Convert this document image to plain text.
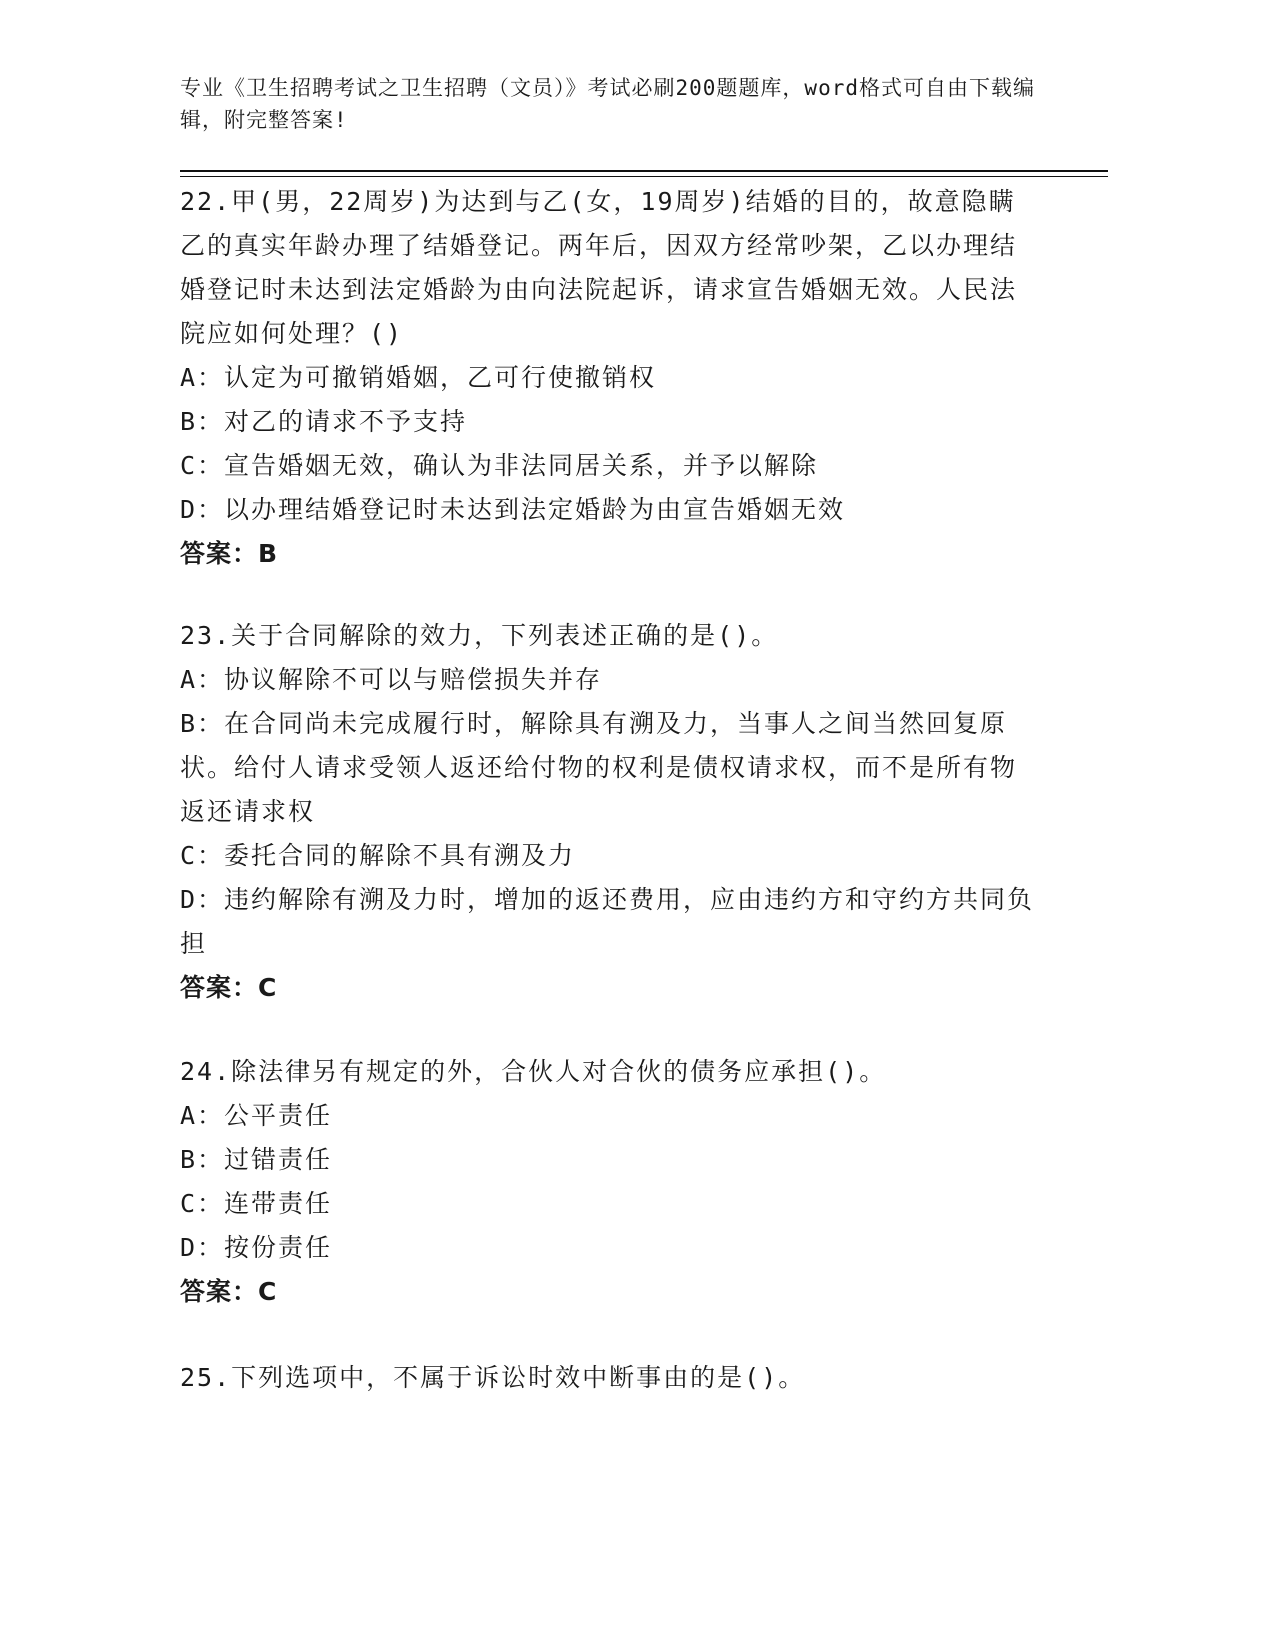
专业《卫生招聘考试之卫生招聘（文员）》考试必刷200题题库，word格式可自由下载编辑，附完整答案!
22.甲(男，22周岁)为达到与乙(女，19周岁)结婚的目的，故意隐瞒乙的真实年龄办理了结婚登记。两年后，因双方经常吵架，乙以办理结婚登记时未达到法定婚龄为由向法院起诉，请求宣告婚姻无效。人民法院应如何处理？()
A：认定为可撤销婚姻，乙可行使撤销权
B：对乙的请求不予支持
C：宣告婚姻无效，确认为非法同居关系，并予以解除
D：以办理结婚登记时未达到法定婚龄为由宣告婚姻无效
答案：B
23.关于合同解除的效力，下列表述正确的是()。
A：协议解除不可以与赔偿损失并存
B：在合同尚未完成履行时，解除具有溯及力，当事人之间当然回复原状。给付人请求受领人返还给付物的权利是债权请求权，而不是所有物返还请求权
C：委托合同的解除不具有溯及力
D：违约解除有溯及力时，增加的返还费用，应由违约方和守约方共同负担
答案：C
24.除法律另有规定的外，合伙人对合伙的债务应承担()。
A：公平责任
B：过错责任
C：连带责任
D：按份责任
答案：C
25.下列选项中，不属于诉讼时效中断事由的是()。
